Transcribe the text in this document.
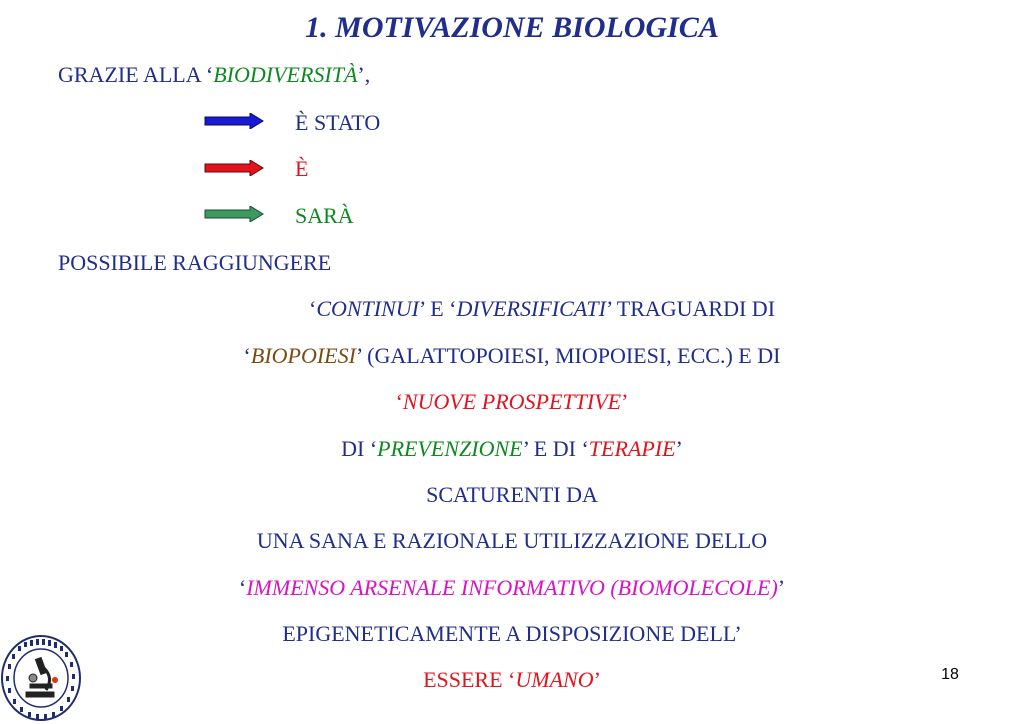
1. MOTIVAZIONE BIOLOGICA
GRAZIE ALLA ‘BIODIVERSITÀ’,
È STATO
È
SARÀ
POSSIBILE RAGGIUNGERE
‘CONTINUI’ E ‘DIVERSIFICATI’ TRAGUARDI DI
‘BIOPOIESI’ (GALATTOPOIESI, MIOPOIESI, ECC.) E DI
‘NUOVE PROSPETTIVE’
DI ‘PREVENZIONE’ E DI ‘TERAPIE’
SCATURENTI DA
UNA SANA E RAZIONALE UTILIZZAZIONE DELLO
‘IMMENSO ARSENALE INFORMATIVO (BIOMOLECOLE)’
EPIGENETICAMENTE A DISPOSIZIONE DELL’
ESSERE ‘UMANO’	18
